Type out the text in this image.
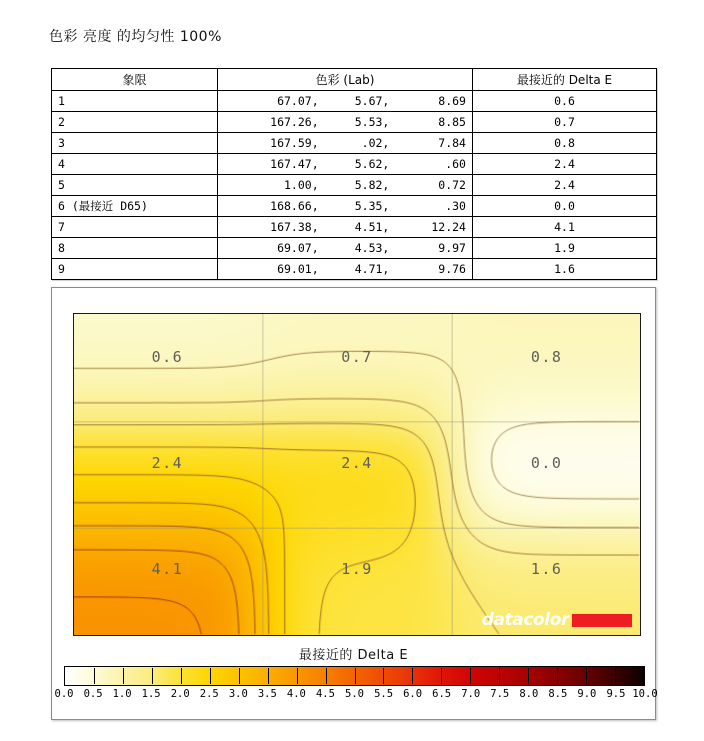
色彩 亮度 的均匀性 100%
象限	色彩 (Lab)	最接近的 Delta E
1	67.07, 5.67, 8.69	0.6
2	167.26, 5.53, 8.85	0.7
3	167.59, .02, 7.84	0.8
4	167.47, 5.62, .60	2.4
5	1.00, 5.82, 0.72	2.4
6 (最接近 D65)	168.66, 5.35, .30	0.0
7	167.38, 4.51, 12.24	4.1
8	69.07, 4.53, 9.97	1.9
9	69.01, 4.71, 9.76	1.6
0.6	0.7	0.8
2.4	2.4	0.0
4.1	1.9	1.6
datacolor
最接近的 Delta E
0.0 0.5 1.0 1.5 2.0 2.5 3.0 3.5 4.0 4.5 5.0 5.5 6.0 6.5 7.0 7.5 8.0 8.5 9.0 9.5 10.0
